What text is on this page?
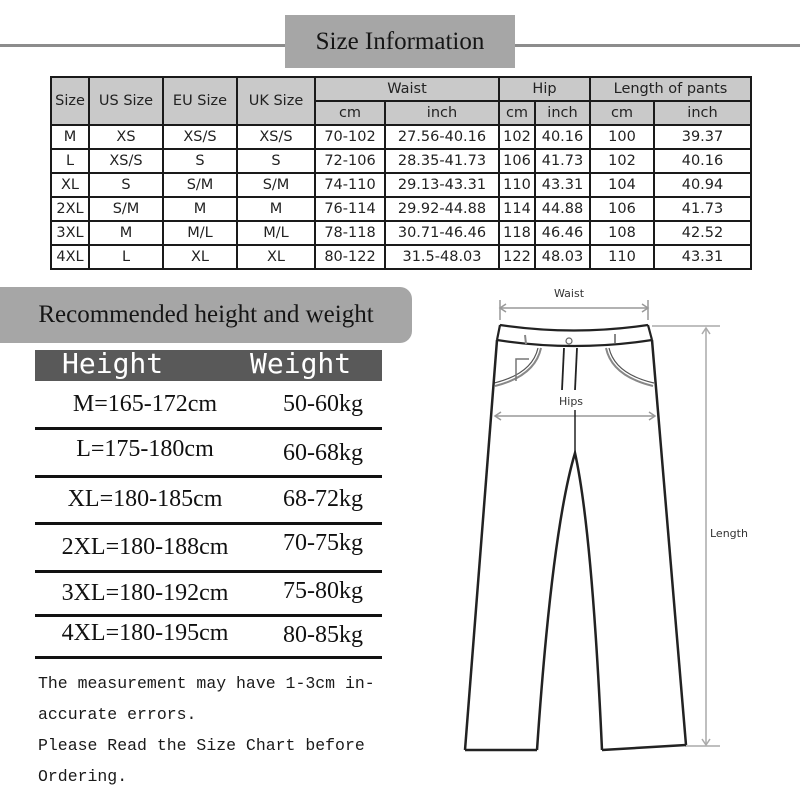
Size Information
Size	US Size	EU Size	UK Size	Waist		Hip		Length of pants	
				cm	inch	cm	inch	cm	inch
M	XS	XS/S	XS/S	70-102	27.56-40.16	102	40.16	100	39.37
L	XS/S	S	S	72-106	28.35-41.73	106	41.73	102	40.16
XL	S	S/M	S/M	74-110	29.13-43.31	110	43.31	104	40.94
2XL	S/M	M	M	76-114	29.92-44.88	114	44.88	106	41.73
3XL	M	M/L	M/L	78-118	30.71-46.46	118	46.46	108	42.52
4XL	L	XL	XL	80-122	31.5-48.03	122	48.03	110	43.31
Recommended height and weight
Height	Weight
M=165-172cm	50-60kg
L=175-180cm	60-68kg
XL=180-185cm	68-72kg
2XL=180-188cm	70-75kg
3XL=180-192cm	75-80kg
4XL=180-195cm	80-85kg
The measurement may have 1-3cm in-
accurate errors.
Please Read the Size Chart before
Ordering.
Waist
Hips
Length
